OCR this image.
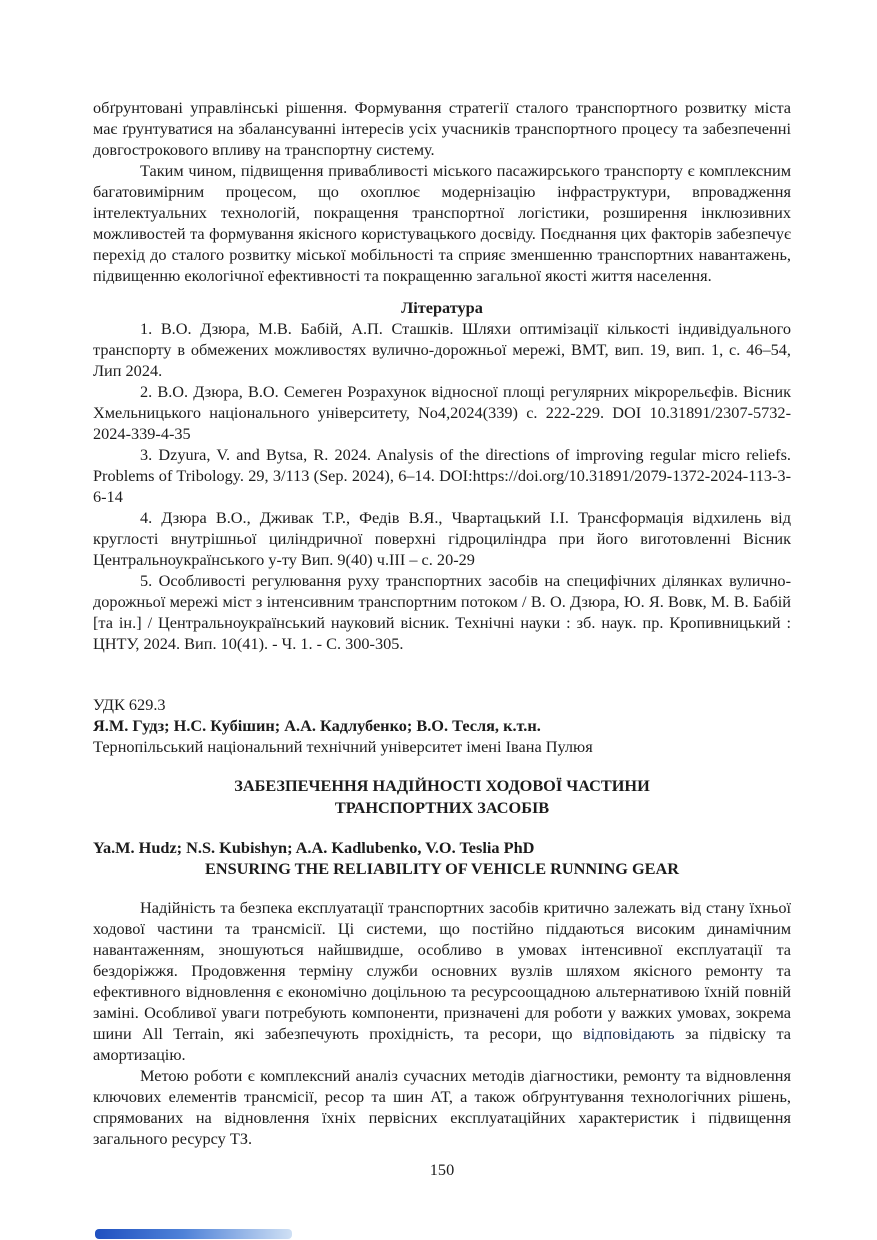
обґрунтовані управлінські рішення. Формування стратегії сталого транспортного розвитку міста має ґрунтуватися на збалансуванні інтересів усіх учасників транспортного процесу та забезпеченні довгострокового впливу на транспортну систему.

Таким чином, підвищення привабливості міського пасажирського транспорту є комплексним багатовимірним процесом, що охоплює модернізацію інфраструктури, впровадження інтелектуальних технологій, покращення транспортної логістики, розширення інклюзивних можливостей та формування якісного користувацького досвіду. Поєднання цих факторів забезпечує перехід до сталого розвитку міської мобільності та сприяє зменшенню транспортних навантажень, підвищенню екологічної ефективності та покращенню загальної якості життя населення.

Література

1. В.О. Дзюра, М.В. Бабій, А.П. Сташків. Шляхи оптимізації кількості індивідуального транспорту в обмежених можливостях вулично-дорожньої мережі, ВМТ, вип. 19, вип. 1, с. 46–54, Лип 2024.

2. В.О. Дзюра, В.О. Семеген Розрахунок відносної площі регулярних мікрорельєфів. Вісник Хмельницького національного університету, No4,2024(339) с. 222-229. DOI 10.31891/2307-5732-2024-339-4-35

3. Dzyura, V. and Bytsa, R. 2024. Analysis of the directions of improving regular micro reliefs. Problems of Tribology. 29, 3/113 (Sep. 2024), 6–14. DOI:https://doi.org/10.31891/2079-1372-2024-113-3-6-14

4. Дзюра В.О., Дживак Т.Р., Федів В.Я., Чвартацький І.І. Трансформація відхилень від круглості внутрішньої циліндричної поверхні гідроциліндра при його виготовленні Вісник Центральноукраїнського у-ту Вип. 9(40) ч.ІІІ – с. 20-29

5. Особливості регулювання руху транспортних засобів на специфічних ділянках вулично-дорожньої мережі міст з інтенсивним транспортним потоком / В. О. Дзюра, Ю. Я. Вовк, М. В. Бабій [та ін.] / Центральноукраїнський науковий вісник. Технічні науки : зб. наук. пр. Кропивницький : ЦНТУ, 2024. Вип. 10(41). - Ч. 1. - С. 300-305.

УДК 629.3

Я.М. Гудз; Н.С. Кубішин; А.А. Кадлубенко; В.О. Тесля, к.т.н.

Тернопільський національний технічний університет імені Івана Пулюя

ЗАБЕЗПЕЧЕННЯ НАДІЙНОСТІ ХОДОВОЇ ЧАСТИНИ
ТРАНСПОРТНИХ ЗАСОБІВ

Ya.M. Hudz; N.S. Kubishyn; A.A. Kadlubenko, V.O. Teslia PhD

ENSURING THE RELIABILITY OF VEHICLE RUNNING GEAR

Надійність та безпека експлуатації транспортних засобів критично залежать від стану їхньої ходової частини та трансмісії. Ці системи, що постійно піддаються високим динамічним навантаженням, зношуються найшвидше, особливо в умовах інтенсивної експлуатації та бездоріжжя. Продовження терміну служби основних вузлів шляхом якісного ремонту та ефективного відновлення є економічно доцільною та ресурсоощадною альтернативою їхній повній заміні. Особливої уваги потребують компоненти, призначені для роботи у важких умовах, зокрема шини All Terrain, які забезпечують прохідність, та ресори, що відповідають за підвіску та амортизацію.

Метою роботи є комплексний аналіз сучасних методів діагностики, ремонту та відновлення ключових елементів трансмісії, ресор та шин АТ, а також обґрунтування технологічних рішень, спрямованих на відновлення їхніх первісних експлуатаційних характеристик і підвищення загального ресурсу ТЗ.

150
